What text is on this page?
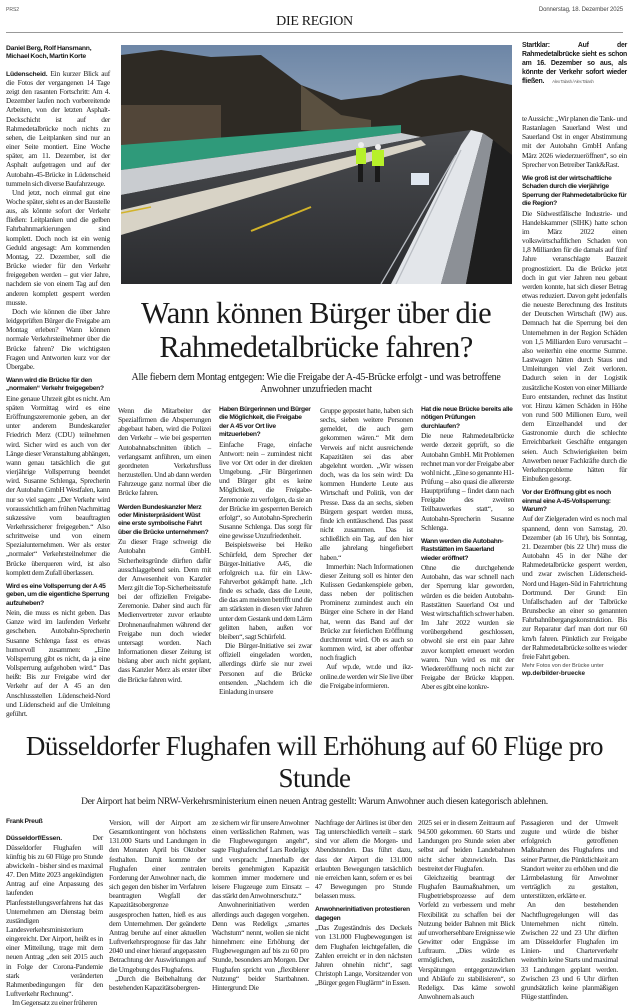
PRS2
DIE REGION
Donnerstag, 18. Dezember 2025
Daniel Berg, Rolf Hansmann, Michael Koch, Martin Korte

Lüdenscheid. Ein kurzer Blick auf die Fotos der vergangenen 14 Tage zeigt den rasanten Fortschritt: Am 4. Dezember laufen noch vorbereitende Arbeiten, von der letzten Asphalt-Deckschicht ist auf der Rahmedetalbrücke noch nichts zu sehen, die Leitplanken sind nur an einer Seite montiert. Eine Woche später, am 11. Dezember, ist der Asphalt aufgetragen und auf der Autobahn-45-Brücke in Lüdenscheid tummeln sich diverse Baufahrzeuge.

Und jetzt, noch einmal gut eine Woche später, sieht es an der Baustelle aus, als könnte sofort der Verkehr fließen: Leitplanken und die gelben Fahrbahnmarkierungen sind komplett. Doch noch ist ein wenig Geduld angesagt: Am kommenden Montag, 22. Dezember, soll die Brücke wieder für den Verkehr freigegeben werden – gut vier Jahre, nachdem sie von einem Tag auf den anderen komplett gesperrt werden musste.

Doch wie können die über Jahre leidgeprüften Bürger die Freigabe am Montag erleben? Wann können normale Verkehrsteilnehmer über die Brücke fahren? Die wichtigsten Fragen und Antworten kurz vor der Übergabe.

Wann wird die Brücke für den „normalen“ Verkehr freigegeben?

Eine genaue Uhrzeit gibt es nicht. Am späten Vormittag wird es eine Eröffnungszeremonie geben, an der unter anderem Bundeskanzler Friedrich Merz (CDU) teilnehmen wird. Sicher wird es auch von der Länge dieser Veranstaltung abhängen, wann genau tatsächlich die gut vierjährige Vollsperrung beendet wird. Susanne Schlenga, Sprecherin der Autobahn GmbH Westfalen, kann nur so viel sagen: „Der Verkehr wird voraussichtlich am frühen Nachmittag sukzessive vom beauftragten Verkehrssicherer freigegeben.“ Also schrittweise und von einem Spezialunternehmen. Wer als erster „normaler“ Verkehrsteilnehmer die Brücke überqueren wird, ist also komplett dem Zufall überlassen.

Wird es eine Vollsperrung der A 45 geben, um die eigentliche Sperrung aufzuheben?

Nein, die muss es nicht geben. Das Ganze wird im laufenden Verkehr geschehen. Autobahn-Sprecherin Susanne Schlenga fasst es etwas humorvoll zusammen: „Eine Vollsperrung gibt es nicht, da ja eine Vollsperrung aufgehoben wird.“ Das heißt: Bis zur Freigabe wird der Verkehr auf der A 45 an den Anschlussstellen Lüdenscheid-Nord und Lüdenscheid auf die Umleitung geführt.

Wann können Bürger über die Rahmedetalbrücke fahren?
Alle fiebern dem Montag entgegen: Wie die Freigabe der A-45-Brücke erfolgt - und was betroffene Anwohner unzufrieden macht

Wenn die Mitarbeiter der Spezialfirmen die Absperrungen abgebaut haben, wird die Polizei den Verkehr – wie bei gesperrten Autobahnabschnitten üblich – verlangsamt anführen, um einen geordneten Verkehrsfluss herzustellen. Und ab dann werden Fahrzeuge ganz normal über die Brücke fahren.

Werden Bundeskanzler Merz oder Ministerpräsident Wüst eine erste symbolische Fahrt über die Brücke unternehmen?

Zu dieser Frage schweigt die Autobahn GmbH. Sicherheitsgründe dürften dafür ausschlaggebend sein. Denn mit der Anwesenheit von Kanzler Merz gilt die Top-Sicherheitsstufe bei der offiziellen Freigabe-Zeremonie. Daher sind auch für Medienvertreter zuvor erlaubte Drohnenaufnahmen während der Freigabe nun doch wieder untersagt worden. Nach Informationen dieser Zeitung ist bislang aber auch nicht geplant, dass Kanzler Merz als erster über die Brücke fahren wird.

Haben Bürgerinnen und Bürger die Möglichkeit, die Freigabe der A 45 vor Ort live mitzuerleben?

Einfache Frage, einfache Antwort: nein – zumindest nicht live vor Ort oder in der direkten Umgebung. „Für Bürgerinnen und Bürger gibt es keine Möglichkeit, die Freigabe-Zeremonie zu verfolgen, da sie an der Brücke im gesperrten Bereich erfolgt“, so Autobahn-Sprecherin Susanne Schlenga. Das sorgt für eine gewisse Unzufriedenheit.

Beispielsweise bei Heiko Schürfeld, dem Sprecher der Bürger-Initiative A45, die erfolgreich u.a. für ein Lkw-Fahrverbot gekämpft hatte. „Ich finde es schade, dass die Leute, die das am meisten betrifft und die am stärksten in diesen vier Jahren unter dem Gestank und dem Lärm gelitten haben, außen vor bleiben“, sagt Schürfeld.

Die Bürger-Initiative sei zwar offiziell eingeladen worden, allerdings dürfe sie nur zwei Personen auf die Brücke entsenden. „Nachdem ich die Einladung in unsere

Gruppe gepostet hatte, haben sich sechs, sieben weitere Personen gemeldet, die auch gern gekommen wären.“ Mit dem Verweis auf nicht ausreichende Kapazitäten sei das aber abgelehnt worden. „Wir wissen doch, was da los sein wird: Da kommen Hunderte Leute aus Wirtschaft und Politik, von der Presse. Dass da an sechs, sieben Bürgern gespart werden muss, finde ich enttäuschend. Das passt nicht zusammen. Das ist schließlich ein Tag, auf den hier alle jahrelang hingefiebert haben.“

Immerhin: Nach Informationen dieser Zeitung soll es hinter den Kulissen Gedankenspiele geben, dass neben der politischen Prominenz zumindest auch ein Bürger eine Schere in der Hand hat, wenn das Band auf der Brücke zur feierlichen Eröffnung durchtrennt wird. Ob es auch so kommen wird, ist aber offenbar noch fraglich

Auf wp.de, wr.de und ikz-online.de werden wir Sie live über die Freigabe informieren.

Hat die neue Brücke bereits alle nötigen Prüfungen durchlaufen?

Die neue Rahmedetalbrücke werde derzeit geprüft, so die Autobahn GmbH. Mit Problemen rechnet man vor der Freigabe aber wohl nicht. „Eine so genannte H1-Prüfung – also quasi die allererste Hauptprüfung – findet dann nach Freigabe des zweiten Teilbauwerkes statt“, so Autobahn-Sprecherin Susanne Schlenga.

Wann werden die Autobahn-Raststätten im Sauerland wieder eröffnet?

Ohne die durchgehende Autobahn, das war schnell nach der Sperrung klar geworden, würden es die beiden Autobahn-Raststätten Sauerland Ost und West wirtschaftlich schwer haben. Im Jahr 2022 wurden sie vorübergehend geschlossen, obwohl sie erst ein paar Jahre zuvor komplett erneuert worden waren. Nun wird es mit der Wiedereröffnung noch nicht zur Freigabe der Brücke klappen. Aber es gibt eine konkre-

Startklar: Auf der Rahmedetalbrücke sieht es schon am 16. Dezember so aus, als könnte der Verkehr sofort wieder fließen. Alex Talash / Alex Talash

te Aussicht: „Wir planen die Tank- und Rastanlagen Sauerland West und Sauerland Ost in enger Abstimmung mit der Autobahn GmbH Anfang März 2026 wiederzueröffnen“, so ein Sprecher von Betreiber Tank&Rast.

Wie groß ist der wirtschaftliche Schaden durch die vierjährige Sperrung der Rahmedetalbrücke für die Region?

Die Südwestfälische Industrie- und Handelskammer (SIHK) hatte schon im März 2022 einen volkswirtschaftlichen Schaden von 1,8 Milliarden für die damals auf fünf Jahre veranschlagte Bauzeit prognostiziert. Da die Brücke jetzt doch in gut vier Jahren neu gebaut werden konnte, hat sich dieser Betrag etwas reduziert. Davon geht jedenfalls die neueste Berechnung des Instituts der Deutschen Wirtschaft (IW) aus. Demnach hat die Sperrung bei den Unternehmen in der Region Schäden von 1,5 Milliarden Euro verursacht – also weiterhin eine enorme Summe. Lastwagen hätten durch Staus und Umleitungen viel Zeit verloren. Dadurch seien in der Logistik zusätzliche Kosten von einer Milliarde Euro entstanden, rechnet das Institut vor. Hinzu kämen Schäden in Höhe von rund 500 Millionen Euro, weil dem Einzelhandel und der Gastronomie durch die schlechte Erreichbarkeit Geschäfte entgangen seien. Auch Schwierigkeiten beim Anwerben neuer Fachkräfte durch die Verkehrsprobleme hätten für Einbußen gesorgt.

Vor der Eröffnung gibt es noch einmal eine A-45-Vollsperrung: Warum?

Auf der Zielgeraden wird es noch mal spannend, denn von Samstag, 20. Dezember (ab 16 Uhr), bis Sonntag, 21. Dezember (bis 22 Uhr) muss die Autobahn 45 in der Nähe der Rahmedetalbrücke gesperrt werden, und zwar zwischen Lüdenscheid-Nord und Hagen-Süd in Fahrtrichtung Dortmund. Der Grund: Ein Unfallschaden auf der Talbrücke Brunsbecke an einer so genannten Fahrbahnübergangskonstruktion. Bis zur Reparatur darf man dort nur 60 km/h fahren. Pünktlich zur Freigabe der Rahmedetalbrücke sollte es wieder freie Fahrt geben.

Mehr Fotos von der Brücke unter
wp.de/bilder-bruecke
Düsseldorfer Flughafen will Erhöhung auf 60 Flüge pro Stunde
Der Airport hat beim NRW-Verkehrsministerium einen neuen Antrag gestellt: Warum Anwohner auch diesen kategorisch ablehnen.
Frank Preuß

Düsseldorf/Essen.	Der Düsseldorfer Flughafen will künftig bis zu 60 Flüge pro Stunde abwickeln - bisher sind es maximal 47. Den Mitte 2023 angekündigten Antrag auf eine Anpassung des laufenden Planfeststellungsverfahrens hat das Unternehmen am Dienstag beim zuständigen Landesverkehrsministerium eingereicht. Der Airport, heißt es in einer Mitteilung, trage mit dem neuen Antrag „den seit 2015 auch in Folge der Corona-Pandemie stark veränderten Rahmenbedingungen für den Luftverkehr Rechnung“.

Im Gegensatz zu einer früheren

Version, will der Airport am Gesamtkontingent von höchstens 131.000 Starts und Landungen in den Monaten April bis Oktober festhalten. Damit komme der Flughafen einer zentralen Forderung der Anwohner nach, die sich gegen den bisher im Verfahren beantragten Wegfall der Kapazitätsobergrenze ausgesprochen hatten, hieß es aus dem Unternehmen. Der geänderte Antrag beruhe auf einer aktuellen Luftverkehrsprognose für das Jahr 2040 und einer hierauf angepassten Betrachtung der Auswirkungen auf die Umgebung des Flughafens.

„Durch die Beibehaltung der bestehenden Kapazitätsobergren-

ze sichern wir für unsere Anwohner einen verlässlichen Rahmen, was die Flugbewegungen angeht“, sagte Flughafenchef Lars Redeligx und versprach: „Innerhalb der bereits genehmigten Kapazität kommen immer modernere und leisere Flugzeuge zum Einsatz – das stärkt den Anwohnerschutz.“

Anwohnerinitiativen werden allerdings auch dagegen vorgehen. Denn was Redeligx „smartes Wachstum“ nennt, wollen sie nicht hinnehmen: eine Erhöhung der Flugbewegungen auf bis zu 60 pro Stunde, besonders am Morgen. Der Flughafen spricht von „flexiblerer Nutzung“ beider Startbahnen. Hintergrund: Die

Nachfrage der Airlines ist über den Tag unterschiedlich verteilt – stark sind vor allem die Morgen- und Abendstunden. Das führt dazu, dass der Airport die 131.000 erlaubten Bewegungen tatsächlich nie erreichen kann, sofern er es bei 47 Bewegungen pro Stunde belassen muss.

Anwohnerinitiativen protestieren dagegen

„Das Zugeständnis des Deckels von 131.000 Flugbewegungen ist dem Flughafen leichtgefallen, die Zahlen erreicht er in den nächsten Jahren ohnehin nicht“, sagt Christoph Lange, Vorsitzender von „Bürger gegen Fluglärm“ in Essen.

2025 sei er in diesem Zeitraum auf 94.500 gekommen. 60 Starts und Landungen pro Stunde seien aber selbst auf beiden Landebahnen nicht sicher abzuwickeln. Das bestreitet der Flughafen.

Gleichzeitig beantragt der Flughafen Baumaßnahmen, um Flugbetriebsprozesse auf dem Vorfeld zu verbessern und mehr Flexibilität zu schaffen bei der Nutzung beider Bahnen mit Blick auf unvorhersehbare Ereignisse wie Gewitter oder Engpässe im Luftraum. „Dies würde es ermöglichen, zusätzlichen Verspätungen entgegenzuwirken und Abläufe zu stabilisieren“, so Redeligx. Das käme sowohl Anwohnern als auch

Passagieren und der Umwelt zugute und würde die bisher erfolgreich getroffenen Maßnahmen des Flughafens und seiner Partner, die Pünktlichkeit am Standort weiter zu erhöhen und die Lärmbelastung für Anwohner verträglich zu gestalten, unterstützen, erklärte er.

An den bestehenden Nachtflugregelungen will das Unternehmen nicht rütteln. Zwischen 22 und 23 Uhr dürften am Düsseldorfer Flughafen im Linien- und Charterverkehr weiterhin keine Starts und maximal 33 Landungen geplant werden. Zwischen 23 und 6 Uhr dürften grundsätzlich keine planmäßigen Flüge stattfinden.
